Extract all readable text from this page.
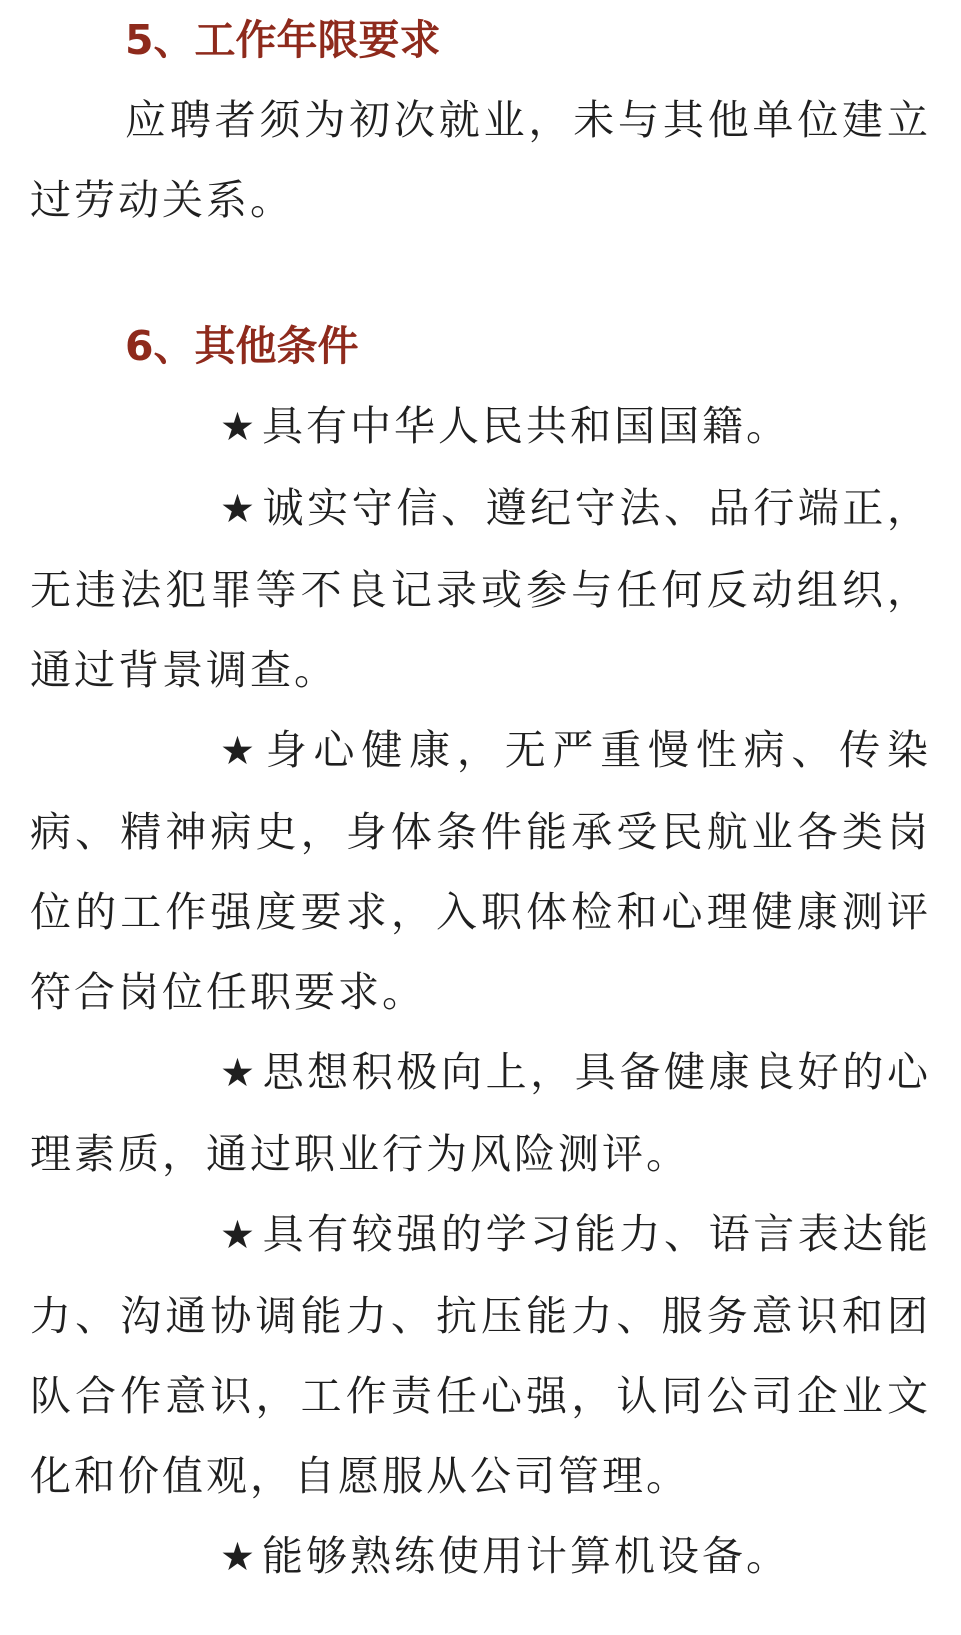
5、工作年限要求

应聘者须为初次就业，未与其他单位建立过劳动关系。

6、其他条件

★具有中华人民共和国国籍。

★诚实守信、遵纪守法、品行端正，无违法犯罪等不良记录或参与任何反动组织，通过背景调查。

★身心健康，无严重慢性病、传染病、精神病史，身体条件能承受民航业各类岗位的工作强度要求，入职体检和心理健康测评符合岗位任职要求。

★思想积极向上，具备健康良好的心理素质，通过职业行为风险测评。

★具有较强的学习能力、语言表达能力、沟通协调能力、抗压能力、服务意识和团队合作意识，工作责任心强，认同公司企业文化和价值观，自愿服从公司管理。

★能够熟练使用计算机设备。
